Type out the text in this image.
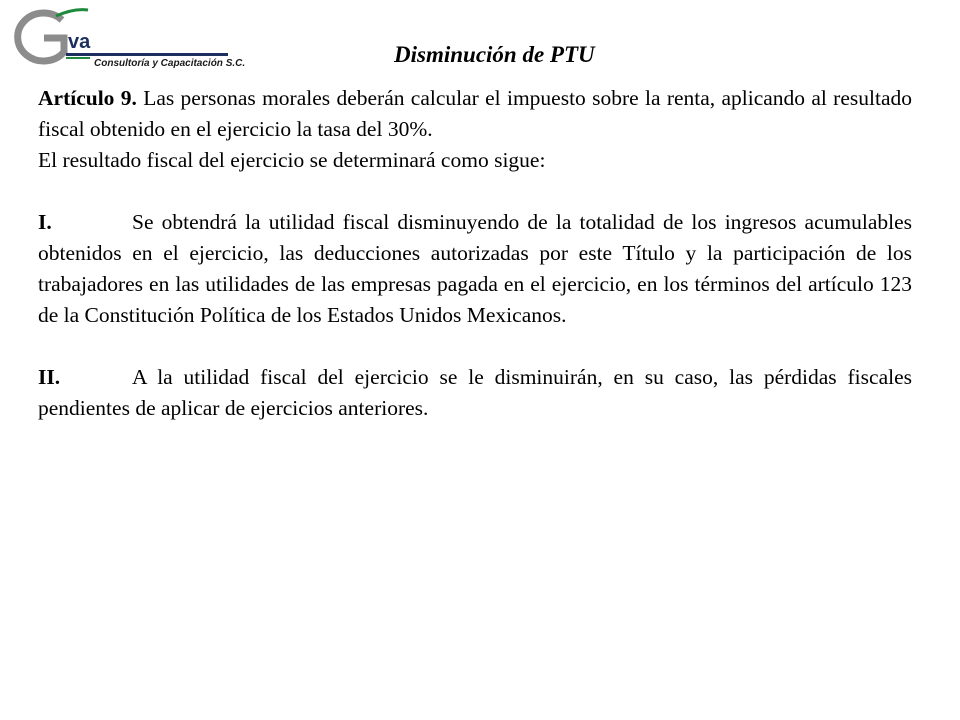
va
Consultoría y Capacitación S.C.	Disminución de PTU

Artículo 9. Las personas morales deberán calcular el impuesto sobre la renta, aplicando al resultado fiscal obtenido en el ejercicio la tasa del 30%.

El resultado fiscal del ejercicio se determinará como sigue:

I.	Se obtendrá la utilidad fiscal disminuyendo de la totalidad de los ingresos acumulables obtenidos en el ejercicio, las deducciones autorizadas por este Título y la participación de los trabajadores en las utilidades de las empresas pagada en el ejercicio, en los términos del artículo 123 de la Constitución Política de los Estados Unidos Mexicanos.

II.	A la utilidad fiscal del ejercicio se le disminuirán, en su caso, las pérdidas fiscales pendientes de aplicar de ejercicios anteriores.
